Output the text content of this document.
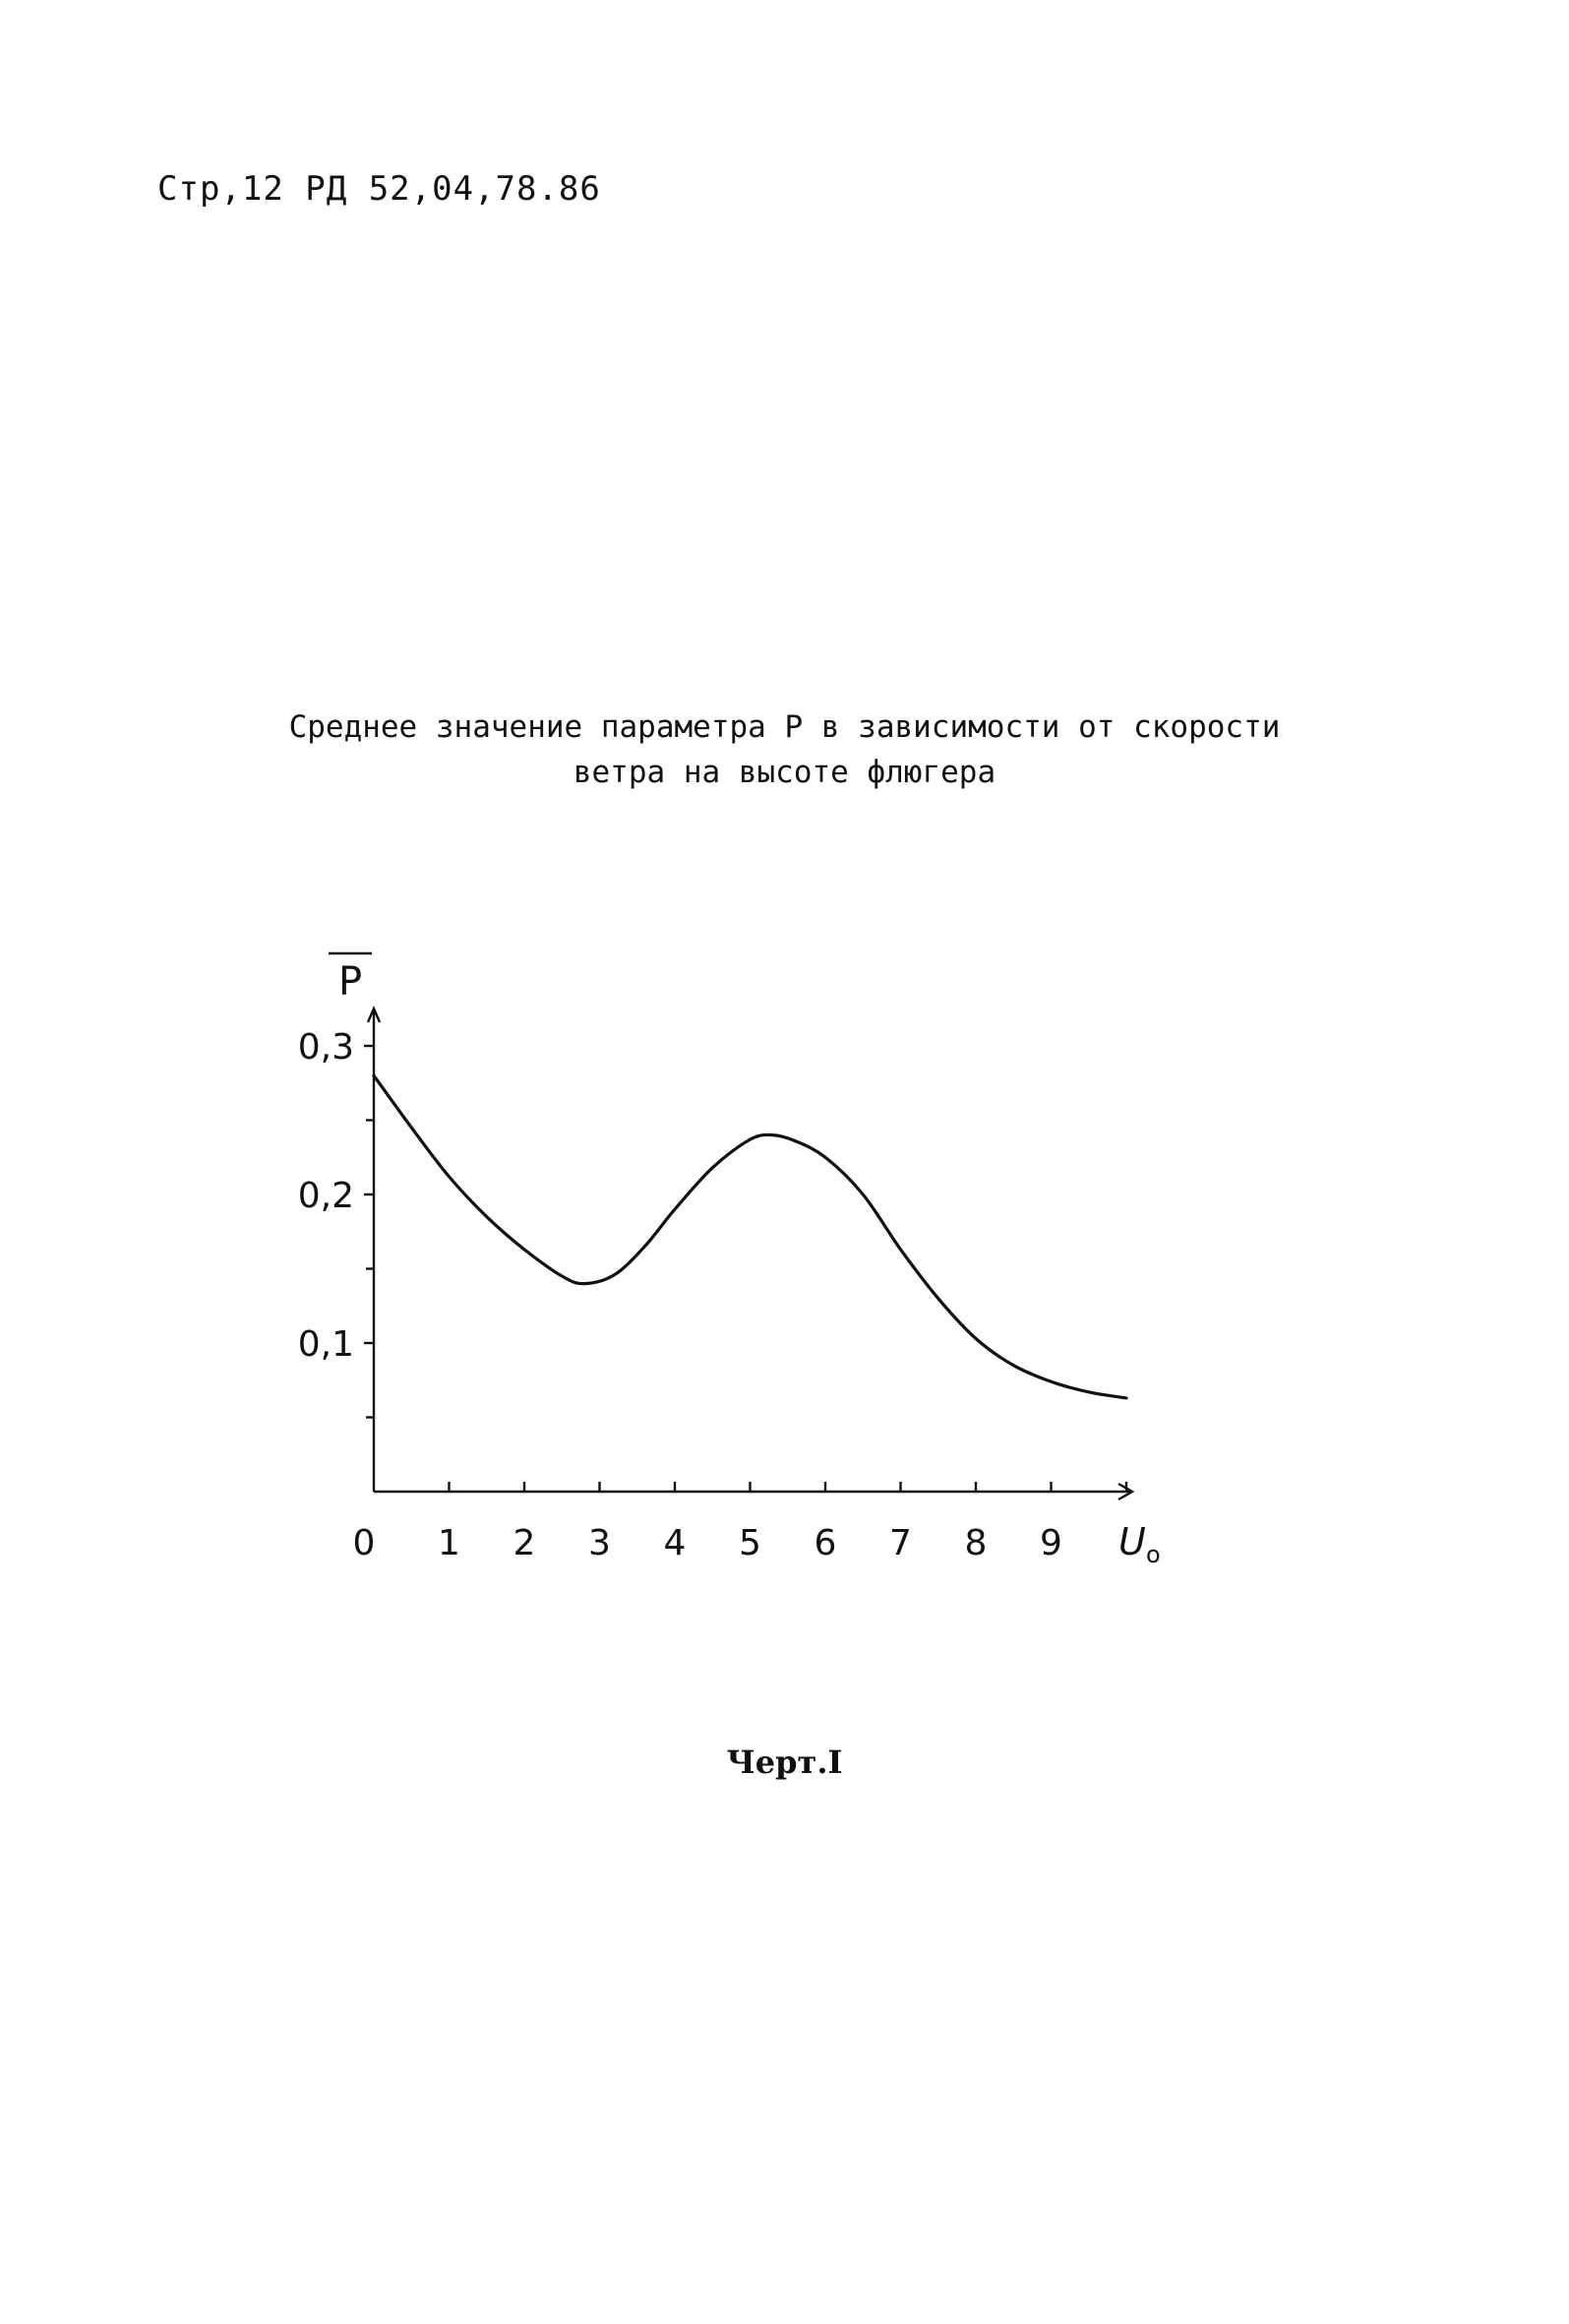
Стр,12 РД 52,04,78.86
Среднее значение параметра P в зависимости от скорости
ветра на высоте флюгера
0 1 2 3 4 5 6 7 8 9
0,1
0,2
0,3
P
U o
Черт.I
